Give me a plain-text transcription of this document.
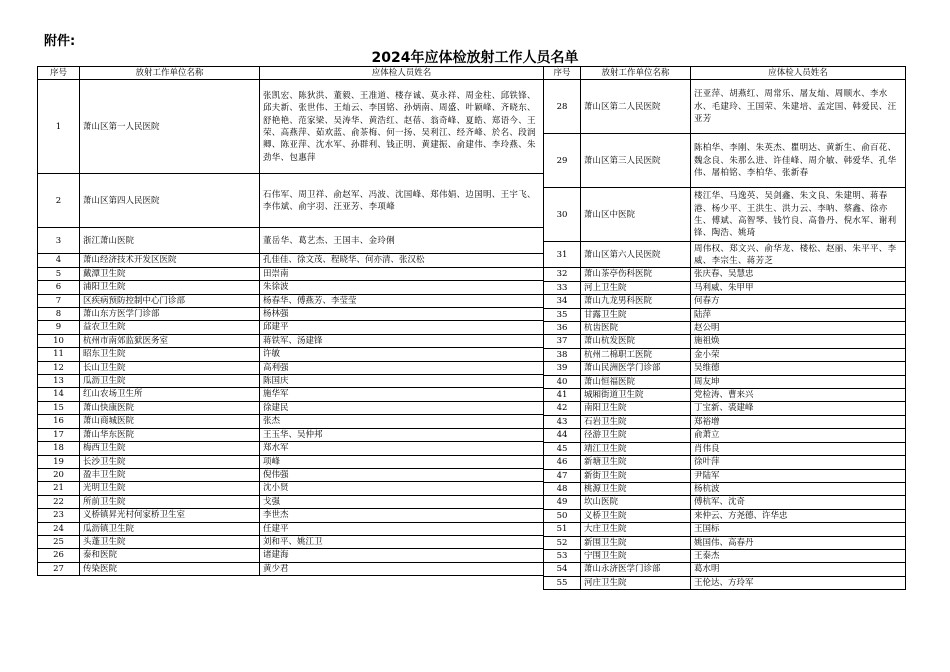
附件:
2024年应体检放射工作人员名单
序号	放射工作单位名称	应体检人员姓名
1	萧山区第一人民医院	张凯宏、陈狄洪、董毅、王准道、楼存诚、莫永祥、周金柱、邱铁锋、邱夫新、张世伟、王灿云、李国铭、孙炳南、周盛、叶颖峰、齐晓东、舒艳艳、范家梁、吴涛华、黄浩红、赵蓓、翁奇峰、夏皓、郑语今、王荣、高燕萍、茹欢蓝、俞茶梅、何一扬、吴利江、经齐峰、於名、段润卿、陈亚萍、沈水军、孙群利、钱正明、黄建振、俞建伟、李玲燕、朱劲华、包惠萍
2	萧山区第四人民医院	石伟军、周卫祥、俞赵军、冯波、沈国峰、郑伟娟、边国明、王宇飞、李伟斌、俞宇羽、汪亚芳、李项峰
3	浙江萧山医院	董岳华、葛艺杰、王国丰、金玲俐
4	萧山经济技术开发区医院	孔佳佳、徐文茂、程晓华、何亦清、张汉松
5	戴潭卫生院	田崇南
6	浦阳卫生院	朱徐波
7	区疾病预防控制中心门诊部	杨春华、傅燕芳、李莹莹
8	萧山东方医学门诊部	杨林强
9	益农卫生院	邱建平
10	杭州市南郊监狱医务室	蒋铁军、汤建锋
11	昭东卫生院	许敏
12	长山卫生院	高利强
13	瓜沥卫生院	陈国庆
14	红山农场卫生所	施华军
15	萧山快康医院	徐建民
16	萧山商城医院	张杰
17	萧山华东医院	王玉华、吴仲邦
18	梅西卫生院	郑水军
19	长沙卫生院	项峰
20	盈丰卫生院	倪伟强
21	光明卫生院	沈小贤
22	所前卫生院	戈强
23	义桥镇昇光村何家桥卫生室	李世杰
24	瓜沥镇卫生院	任建平
25	头蓬卫生院	刘和平、姚江卫
26	泰和医院	诸建海
27	传染医院	黄少君
序号	放射工作单位名称	应体检人员姓名
28	萧山区第二人民医院	汪亚萍、胡燕红、周常乐、屠友灿、周顺水、李水水、毛建玲、王国荣、朱建培、孟定国、韩爱民、汪亚芳
29	萧山区第三人民医院	陈柏华、李刚、朱英杰、瞿明达、黄新生、俞百花、魏念良、朱那么进、许佳峰、周介敏、韩爱华、孔华伟、屠柏铭、李柏华、张新春
30	萧山区中医院	楼江华、马逸英、吴剑鑫、朱文良、朱建明、蒋春港、杨少平、王洪生、洪力云、李呐、蔡鑫、徐亦生、傅斌、高智琴、钱竹良、高鲁丹、倪水军、谢利锋、陶浩、姚琦
31	萧山区第六人民医院	周伟权、郑文兴、俞华龙、楼松、赵丽、朱平平、李威、李宗生、蒋芳芝
32	萧山茶亭伤科医院	张庆春、吴慧忠
33	河上卫生院	马利威、朱甲甲
34	萧山九龙男科医院	何春方
35	甘露卫生院	陆萍
36	杭齿医院	赵公明
37	萧山杭发医院	施祖焕
38	杭州二棉职工医院	金小荣
39	萧山民洲医学门诊部	吴维德
40	萧山恒福医院	周友坤
41	城厢街道卫生院	党检涛、曹来兴
42	南阳卫生院	丁宝新、裘建峰
43	石岩卫生院	郑裕增
44	径游卫生院	俞萧立
45	靖江卫生院	肖伟良
46	新塘卫生院	徐叶萍
47	新街卫生院	尹陆军
48	桃源卫生院	杨杭波
49	坎山医院	傅杭军、沈奇
50	义桥卫生院	来仲云、方尧德、许华忠
51	大庄卫生院	王国标
52	新围卫生院	姚国伟、高春丹
53	宁围卫生院	王泰杰
54	萧山永济医学门诊部	葛水明
55	河庄卫生院	王伦达、方玲军
